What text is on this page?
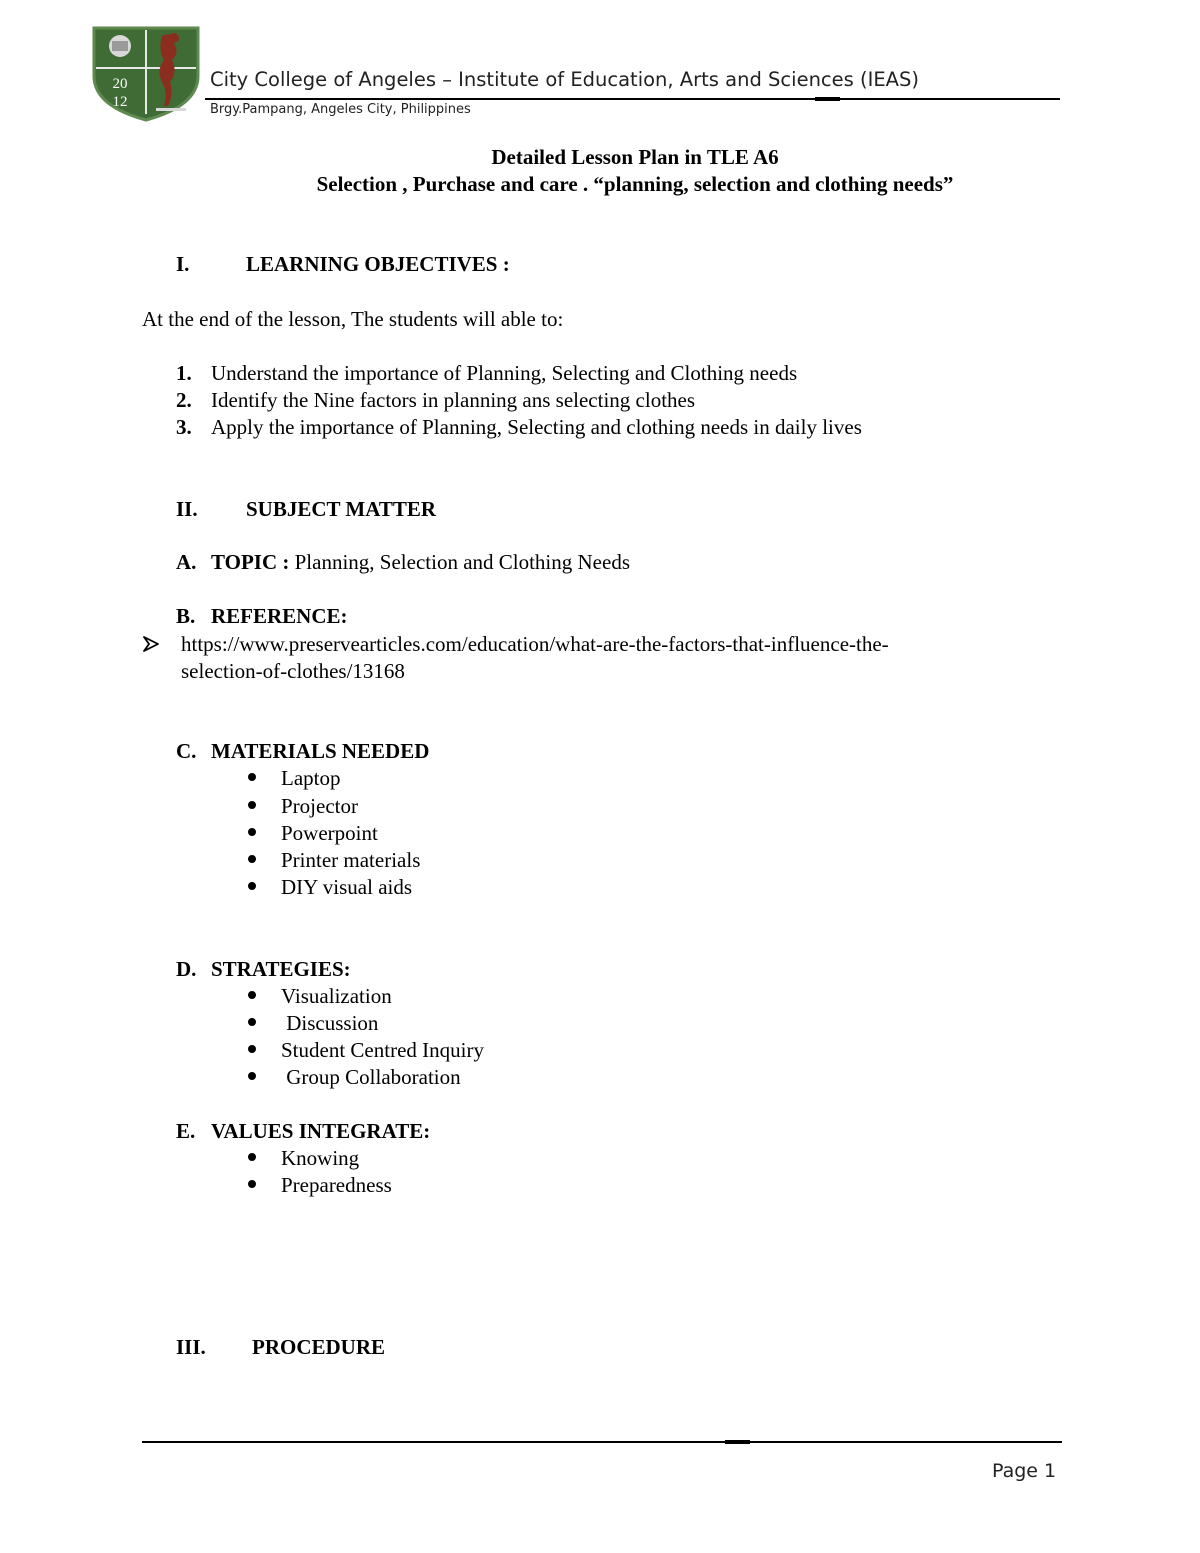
20
12
City College of Angeles – Institute of Education, Arts and Sciences (IEAS)
Brgy.Pampang, Angeles City, Philippines
Detailed Lesson Plan in TLE A6
Selection , Purchase and care . “planning, selection and clothing needs”
I.	LEARNING OBJECTIVES :
At the end of the lesson, The students will able to:
1. Understand the importance of Planning, Selecting and Clothing needs
2. Identify the Nine factors in planning ans selecting clothes
3. Apply the importance of Planning, Selecting and clothing needs in daily lives
II. SUBJECT MATTER
A. TOPIC : Planning, Selection and Clothing Needs
B. REFERENCE:
https://www.preservearticles.com/education/what-are-the-factors-that-influence-the-
selection-of-clothes/13168
C. MATERIALS NEEDED
Laptop
Projector
Powerpoint
Printer materials
DIY visual aids
D. STRATEGIES:
Visualization
Discussion
Student Centred Inquiry
Group Collaboration
E. VALUES INTEGRATE:
Knowing
Preparedness
III. PROCEDURE
Page 1
